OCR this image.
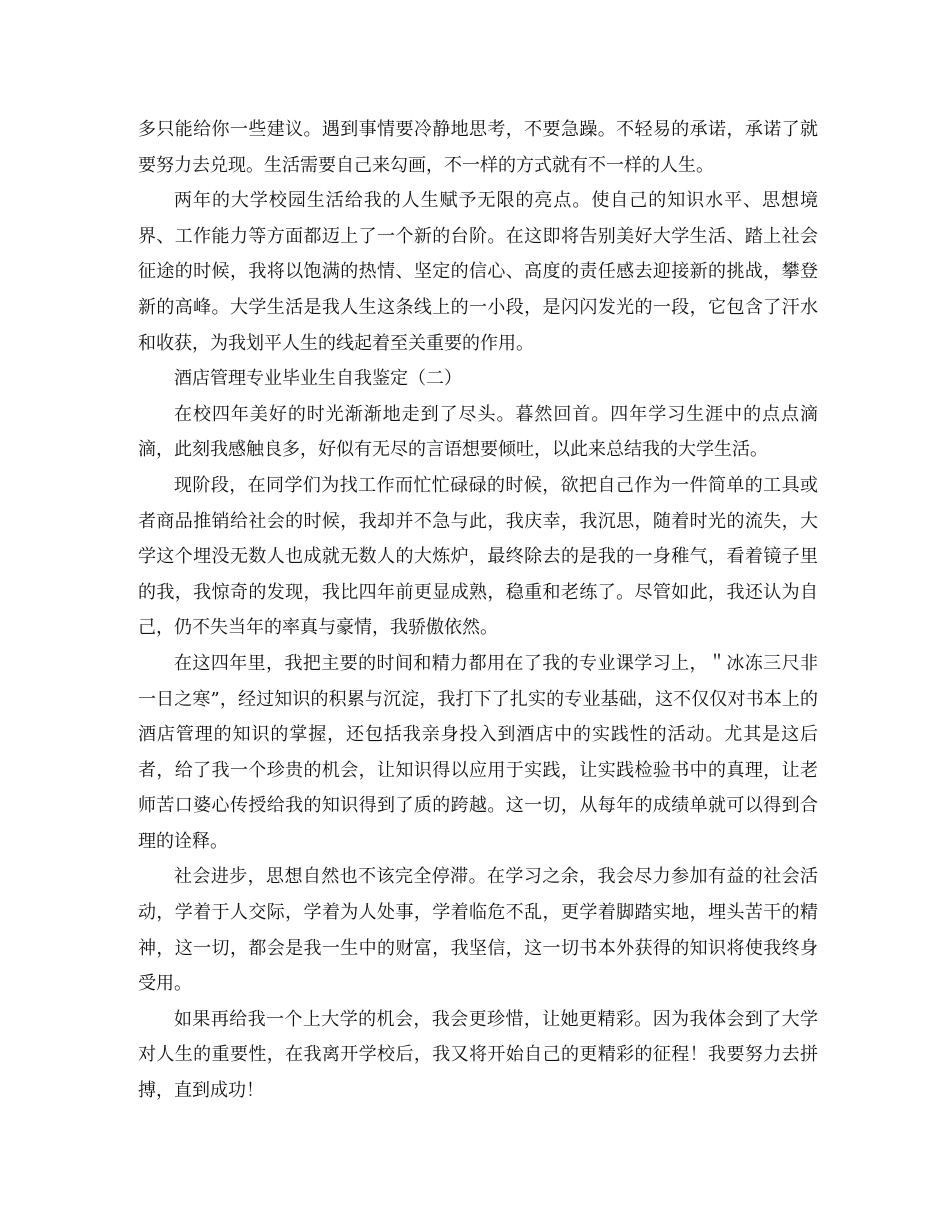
多只能给你一些建议。遇到事情要冷静地思考，不要急躁。不轻易的承诺，承诺了就要努力去兑现。生活需要自己来勾画，不一样的方式就有不一样的人生。

两年的大学校园生活给我的人生赋予无限的亮点。使自己的知识水平、思想境界、工作能力等方面都迈上了一个新的台阶。在这即将告别美好大学生活、踏上社会征途的时候，我将以饱满的热情、坚定的信心、高度的责任感去迎接新的挑战，攀登新的高峰。大学生活是我人生这条线上的一小段，是闪闪发光的一段，它包含了汗水和收获，为我划平人生的线起着至关重要的作用。

酒店管理专业毕业生自我鉴定（二）

在校四年美好的时光渐渐地走到了尽头。暮然回首。四年学习生涯中的点点滴滴，此刻我感触良多，好似有无尽的言语想要倾吐，以此来总结我的大学生活。

现阶段，在同学们为找工作而忙忙碌碌的时候，欲把自己作为一件简单的工具或者商品推销给社会的时候，我却并不急与此，我庆幸，我沉思，随着时光的流失，大学这个埋没无数人也成就无数人的大炼炉，最终除去的是我的一身稚气，看着镜子里的我，我惊奇的发现，我比四年前更显成熟，稳重和老练了。尽管如此，我还认为自己，仍不失当年的率真与豪情，我骄傲依然。

在这四年里，我把主要的时间和精力都用在了我的专业课学习上，＂冰冻三尺非一日之寒”，经过知识的积累与沉淀，我打下了扎实的专业基础，这不仅仅对书本上的酒店管理的知识的掌握，还包括我亲身投入到酒店中的实践性的活动。尤其是这后者，给了我一个珍贵的机会，让知识得以应用于实践，让实践检验书中的真理，让老师苦口婆心传授给我的知识得到了质的跨越。这一切，从每年的成绩单就可以得到合理的诠释。

社会进步，思想自然也不该完全停滞。在学习之余，我会尽力参加有益的社会活动，学着于人交际，学着为人处事，学着临危不乱，更学着脚踏实地，埋头苦干的精神，这一切，都会是我一生中的财富，我坚信，这一切书本外获得的知识将使我终身受用。

如果再给我一个上大学的机会，我会更珍惜，让她更精彩。因为我体会到了大学对人生的重要性，在我离开学校后，我又将开始自己的更精彩的征程！我要努力去拼搏，直到成功！
